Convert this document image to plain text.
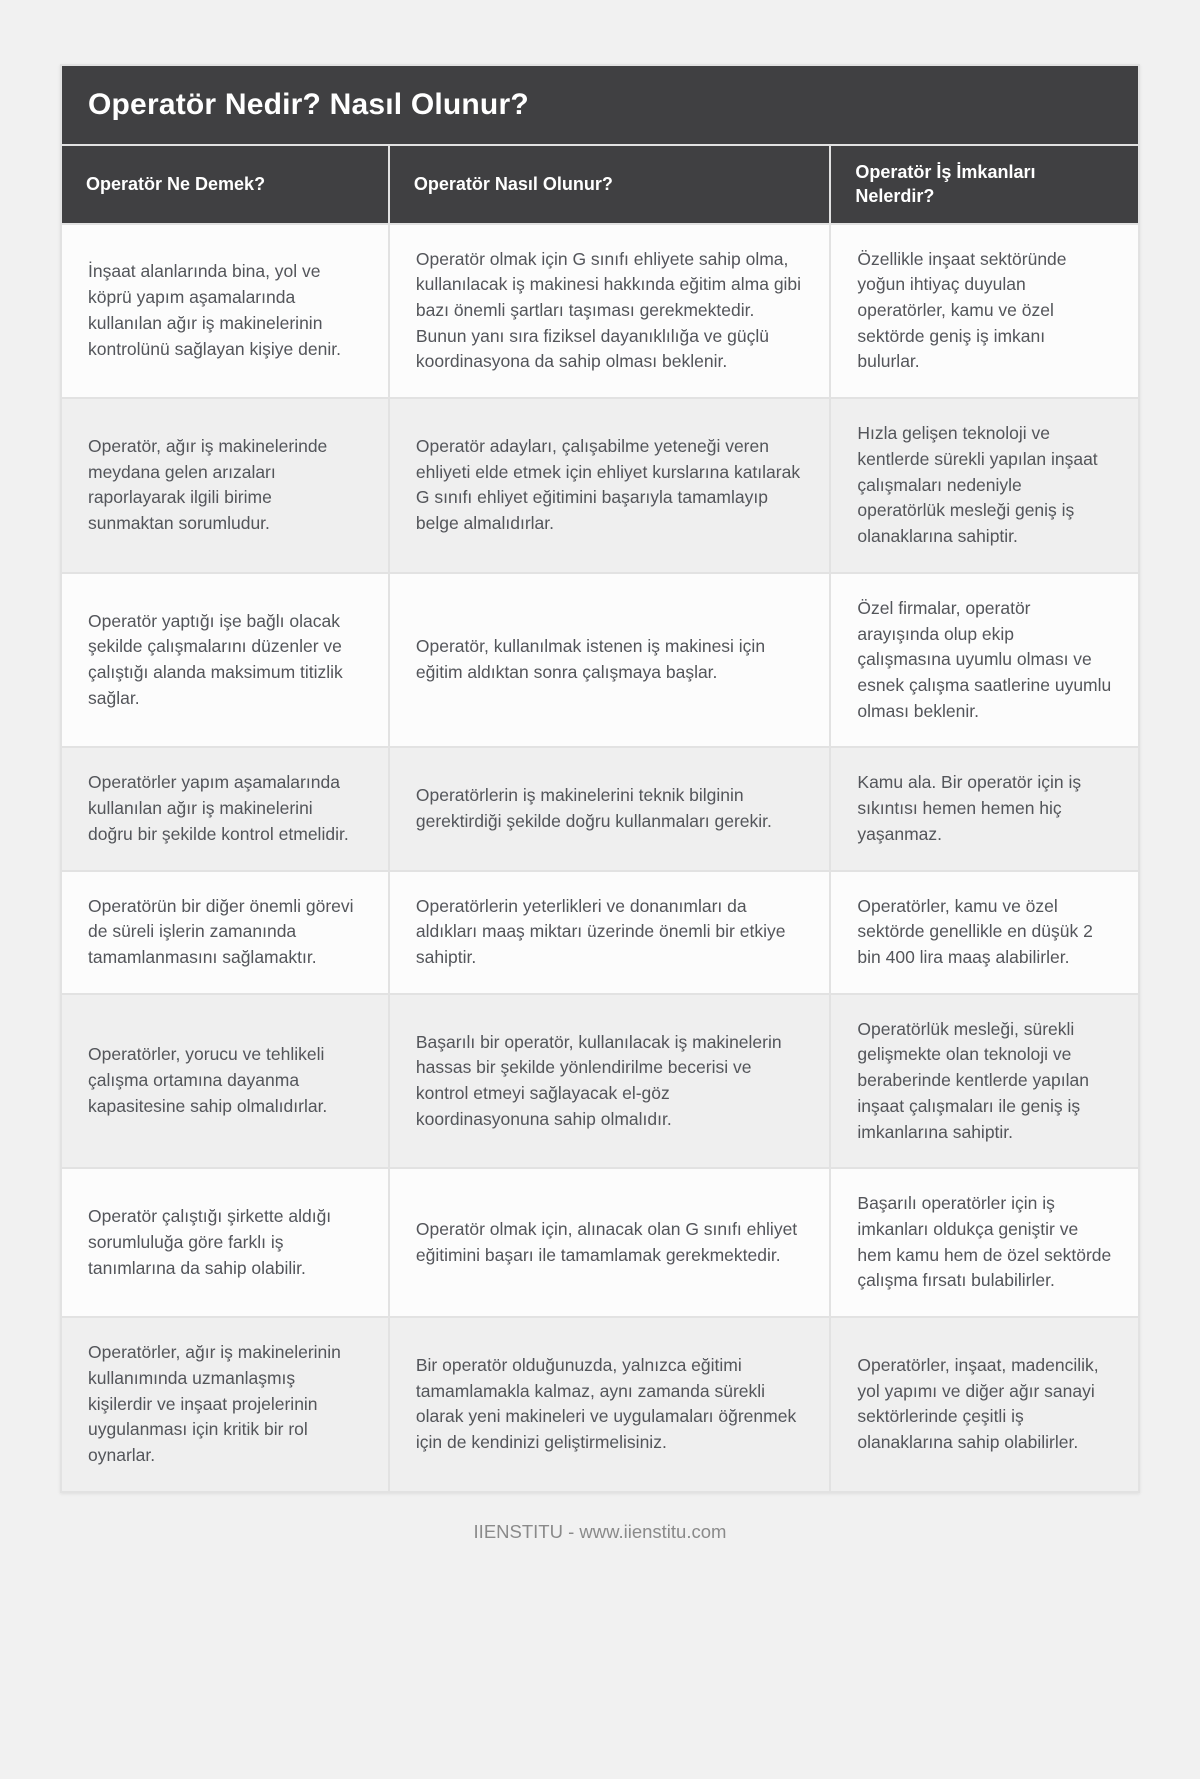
Operatör Nedir? Nasıl Olunur?		
Operatör Ne Demek?	Operatör Nasıl Olunur?	Operatör İş İmkanları Nelerdir?
İnşaat alanlarında bina, yol ve köprü yapım aşamalarında kullanılan ağır iş makinelerinin kontrolünü sağlayan kişiye denir.	Operatör olmak için G sınıfı ehliyete sahip olma, kullanılacak iş makinesi hakkında eğitim alma gibi bazı önemli şartları taşıması gerekmektedir. Bunun yanı sıra fiziksel dayanıklılığa ve güçlü koordinasyona da sahip olması beklenir.	Özellikle inşaat sektöründe yoğun ihtiyaç duyulan operatörler, kamu ve özel sektörde geniş iş imkanı bulurlar.
Operatör, ağır iş makinelerinde meydana gelen arızaları raporlayarak ilgili birime sunmaktan sorumludur.	Operatör adayları, çalışabilme yeteneği veren ehliyeti elde etmek için ehliyet kurslarına katılarak G sınıfı ehliyet eğitimini başarıyla tamamlayıp belge almalıdırlar.	Hızla gelişen teknoloji ve kentlerde sürekli yapılan inşaat çalışmaları nedeniyle operatörlük mesleği geniş iş olanaklarına sahiptir.
Operatör yaptığı işe bağlı olacak şekilde çalışmalarını düzenler ve çalıştığı alanda maksimum titizlik sağlar.	Operatör, kullanılmak istenen iş makinesi için eğitim aldıktan sonra çalışmaya başlar.	Özel firmalar, operatör arayışında olup ekip çalışmasına uyumlu olması ve esnek çalışma saatlerine uyumlu olması beklenir.
Operatörler yapım aşamalarında kullanılan ağır iş makinelerini doğru bir şekilde kontrol etmelidir.	Operatörlerin iş makinelerini teknik bilginin gerektirdiği şekilde doğru kullanmaları gerekir.	Kamu ala. Bir operatör için iş sıkıntısı hemen hemen hiç yaşanmaz.
Operatörün bir diğer önemli görevi de süreli işlerin zamanında tamamlanmasını sağlamaktır.	Operatörlerin yeterlikleri ve donanımları da aldıkları maaş miktarı üzerinde önemli bir etkiye sahiptir.	Operatörler, kamu ve özel sektörde genellikle en düşük 2 bin 400 lira maaş alabilirler.
Operatörler, yorucu ve tehlikeli çalışma ortamına dayanma kapasitesine sahip olmalıdırlar.	Başarılı bir operatör, kullanılacak iş makinelerin hassas bir şekilde yönlendirilme becerisi ve kontrol etmeyi sağlayacak el-göz koordinasyonuna sahip olmalıdır.	Operatörlük mesleği, sürekli gelişmekte olan teknoloji ve beraberinde kentlerde yapılan inşaat çalışmaları ile geniş iş imkanlarına sahiptir.
Operatör çalıştığı şirkette aldığı sorumluluğa göre farklı iş tanımlarına da sahip olabilir.	Operatör olmak için, alınacak olan G sınıfı ehliyet eğitimini başarı ile tamamlamak gerekmektedir.	Başarılı operatörler için iş imkanları oldukça geniştir ve hem kamu hem de özel sektörde çalışma fırsatı bulabilirler.
Operatörler, ağır iş makinelerinin kullanımında uzmanlaşmış kişilerdir ve inşaat projelerinin uygulanması için kritik bir rol oynarlar.	Bir operatör olduğunuzda, yalnızca eğitimi tamamlamakla kalmaz, aynı zamanda sürekli olarak yeni makineleri ve uygulamaları öğrenmek için de kendinizi geliştirmelisiniz.	Operatörler, inşaat, madencilik, yol yapımı ve diğer ağır sanayi sektörlerinde çeşitli iş olanaklarına sahip olabilirler.
IIENSTITU - www.iienstitu.com
